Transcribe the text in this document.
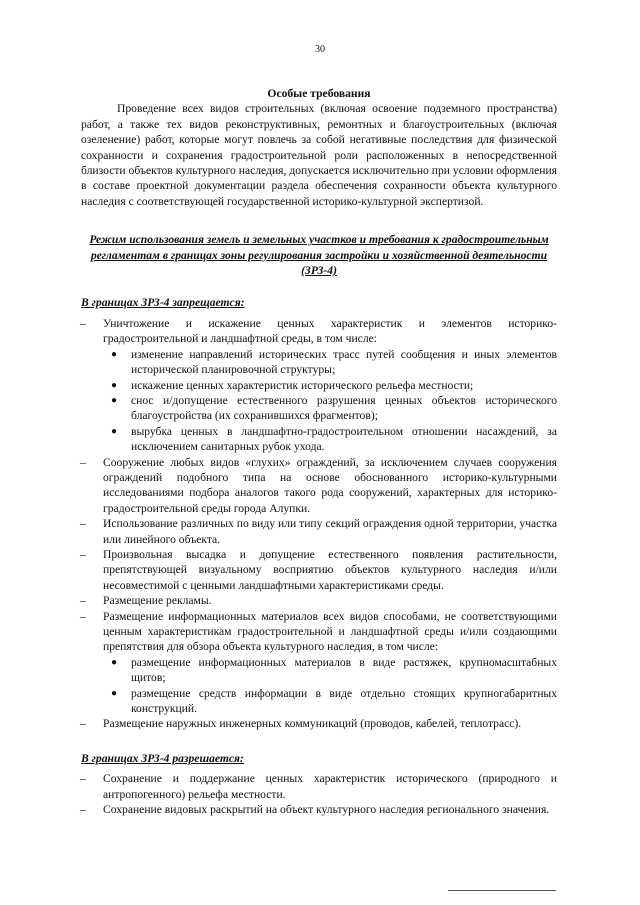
30
Особые требования

Проведение всех видов строительных (включая освоение подземного пространства) работ, а также тех видов реконструктивных, ремонтных и благоустроительных (включая озеленение) работ, которые могут повлечь за собой негативные последствия для физической сохранности и сохранения градостроительной роли расположенных в непосредственной близости объектов культурного наследия, допускается исключительно при условии оформления в составе проектной документации раздела обеспечения сохранности объекта культурного наследия с соответствующей государственной историко-культурной экспертизой.

Режим использования земель и земельных участков и требования к градостроительным регламентам в границах зоны регулирования застройки и хозяйственной деятельности (ЗРЗ-4)
В границах ЗРЗ-4 запрещается:
– Уничтожение и искажение ценных характеристик и элементов историко-градостроительной и ландшафтной среды, в том числе:
● изменение направлений исторических трасс путей сообщения и иных элементов исторической планировочной структуры;
● искажение ценных характеристик исторического рельефа местности;
● снос и/допущение естественного разрушения ценных объектов исторического благоустройства (их сохранившихся фрагментов);
● вырубка ценных в ландшафтно-градостроительном отношении насаждений, за исключением санитарных рубок ухода.
– Сооружение любых видов «глухих» ограждений, за исключением случаев сооружения ограждений подобного типа на основе обоснованного историко-культурными исследованиями подбора аналогов такого рода сооружений, характерных для историко-градостроительной среды города Алупки.
– Использование различных по виду или типу секций ограждения одной территории, участка или линейного объекта.
– Произвольная высадка и допущение естественного появления растительности, препятствующей визуальному восприятию объектов культурного наследия и/или несовместимой с ценными ландшафтными характеристиками среды.
– Размещение рекламы.
– Размещение информационных материалов всех видов способами, не соответствующими ценным характеристикам градостроительной и ландшафтной среды и/или создающими препятствия для обзора объекта культурного наследия, в том числе:
● размещение информационных материалов в виде растяжек, крупномасштабных щитов;
● размещение средств информации в виде отдельно стоящих крупногабаритных конструкций.
– Размещение наружных инженерных коммуникаций (проводов, кабелей, теплотрасс).
В границах ЗРЗ-4 разрешается:
– Сохранение и поддержание ценных характеристик исторического (природного и антропогенного) рельефа местности.
– Сохранение видовых раскрытий на объект культурного наследия регионального значения.
